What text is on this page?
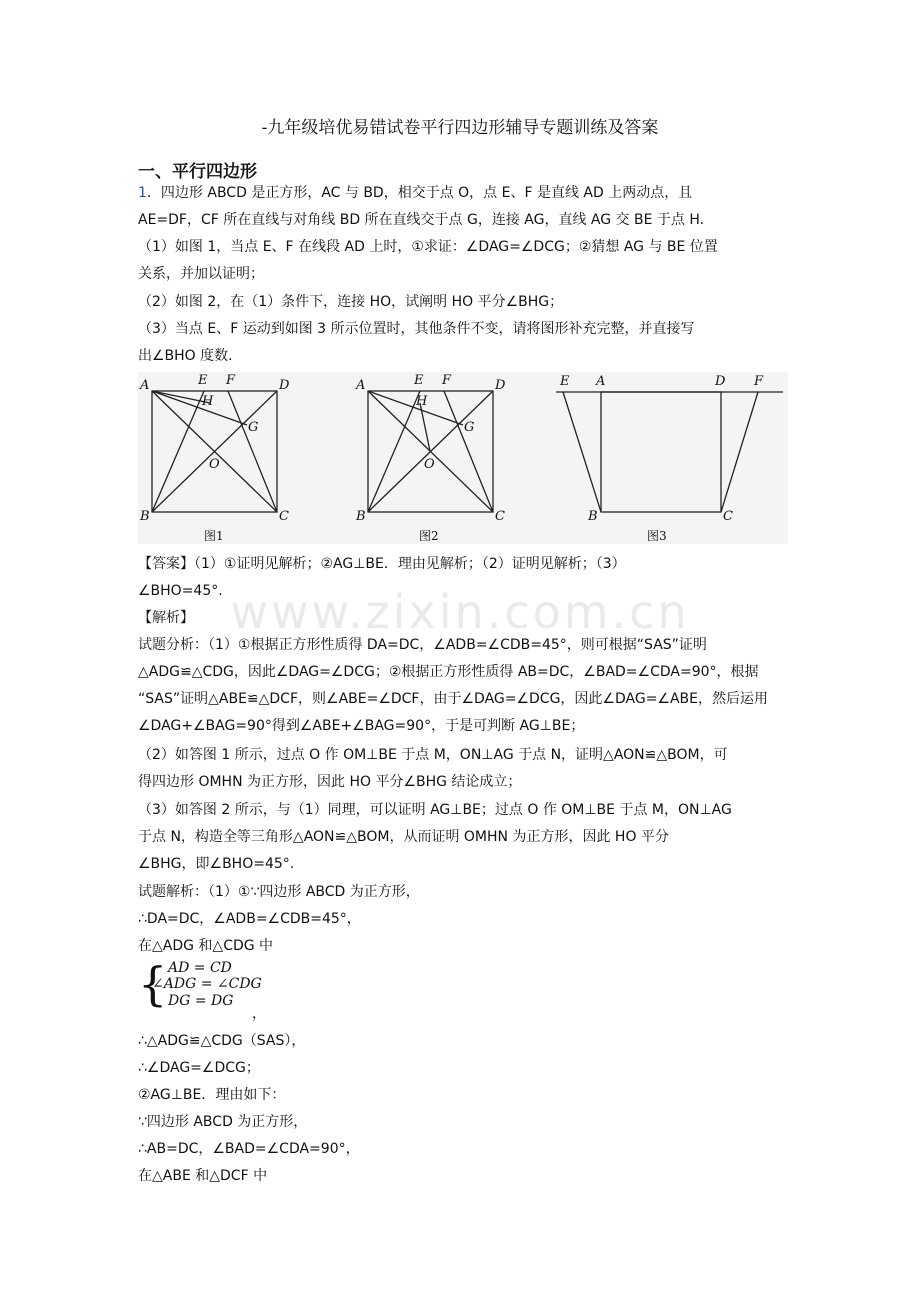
-九年级培优易错试卷平行四边形辅导专题训练及答案
一、平行四边形
1．四边形 ABCD 是正方形，AC 与 BD，相交于点 O，点 E、F 是直线 AD 上两动点，且
AE=DF，CF 所在直线与对角线 BD 所在直线交于点 G，连接 AG，直线 AG 交 BE 于点 H.
（1）如图 1，当点 E、F 在线段 AD 上时，①求证：∠DAG=∠DCG；②猜想 AG 与 BE 位置
关系，并加以证明；
（2）如图 2，在（1）条件下，连接 HO，试阐明 HO 平分∠BHG；
（3）当点 E、F 运动到如图 3 所示位置时，其他条件不变，请将图形补充完整，并直接写
出∠BHO 度数.
A	E F	D
H
G
O
B	C
图1
A	E F	D
H
G
O
B	C
图2
E A	D F
B	C
图3
【答案】（1）①证明见解析；②AG⊥BE．理由见解析；（2）证明见解析；（3）
∠BHO=45°.
【解析】 www.zixin.com.cn
试题分析：（1）①根据正方形性质得 DA=DC，∠ADB=∠CDB=45°，则可根据“SAS”证明
△ADG≌△CDG，因此∠DAG=∠DCG；②根据正方形性质得 AB=DC，∠BAD=∠CDA=90°，根据
“SAS”证明△ABE≌△DCF，则∠ABE=∠DCF，由于∠DAG=∠DCG，因此∠DAG=∠ABE，然后运用
∠DAG+∠BAG=90°得到∠ABE+∠BAG=90°，于是可判断 AG⊥BE；
（2）如答图 1 所示，过点 O 作 OM⊥BE 于点 M，ON⊥AG 于点 N，证明△AON≌△BOM，可
得四边形 OMHN 为正方形，因此 HO 平分∠BHG 结论成立；
（3）如答图 2 所示，与（1）同理，可以证明 AG⊥BE；过点 O 作 OM⊥BE 于点 M，ON⊥AG
于点 N，构造全等三角形△AON≌△BOM，从而证明 OMHN 为正方形，因此 HO 平分
∠BHG，即∠BHO=45°.
试题解析：（1）①∵四边形 ABCD 为正方形，
∴DA=DC，∠ADB=∠CDB=45°，
在△ADG 和△CDG 中
{ AD = CD
∠ADG = ∠CDG
DG = DG
，
∴△ADG≌△CDG（SAS），
∴∠DAG=∠DCG；
②AG⊥BE．理由如下：
∵四边形 ABCD 为正方形，
∴AB=DC，∠BAD=∠CDA=90°，
在△ABE 和△DCF 中
